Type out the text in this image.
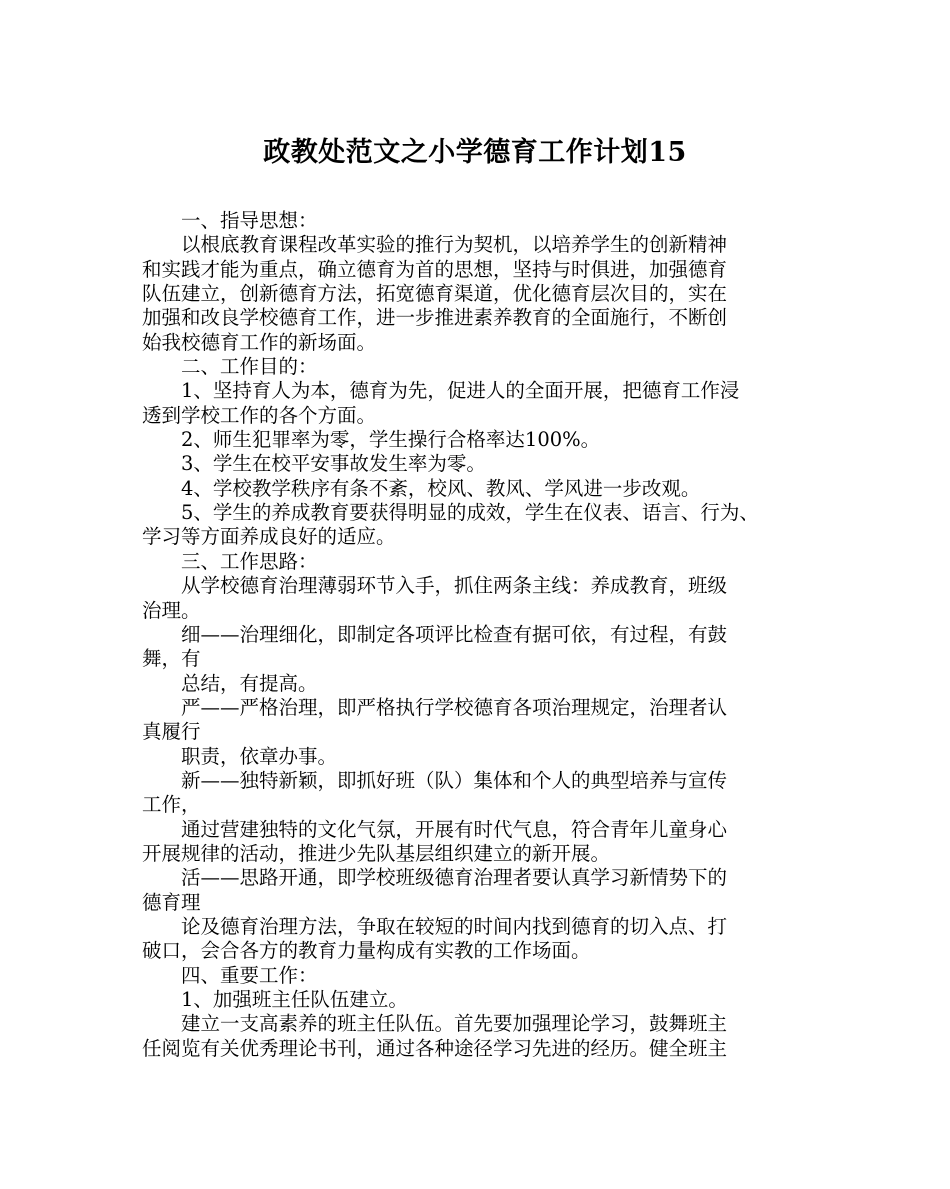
政教处范文之小学德育工作计划15

一、指导思想：

以根底教育课程改革实验的推行为契机，以培养学生的创新精神
和实践才能为重点，确立德育为首的思想，坚持与时俱进，加强德育
队伍建立，创新德育方法，拓宽德育渠道，优化德育层次目的，实在
加强和改良学校德育工作，进一步推进素养教育的全面施行，不断创
始我校德育工作的新场面。

二、工作目的：

1、坚持育人为本，德育为先，促进人的全面开展，把德育工作浸
透到学校工作的各个方面。

2、师生犯罪率为零，学生操行合格率达100%。

3、学生在校平安事故发生率为零。

4、学校教学秩序有条不紊，校风、教风、学风进一步改观。

5、学生的养成教育要获得明显的成效，学生在仪表、语言、行为、
学习等方面养成良好的适应。

三、工作思路：

从学校德育治理薄弱环节入手，抓住两条主线：养成教育，班级
治理。

细——治理细化，即制定各项评比检查有据可依，有过程，有鼓
舞，有

总结，有提高。

严——严格治理，即严格执行学校德育各项治理规定，治理者认
真履行

职责，依章办事。

新——独特新颖，即抓好班（队）集体和个人的典型培养与宣传
工作，

通过营建独特的文化气氛，开展有时代气息，符合青年儿童身心
开展规律的活动，推进少先队基层组织建立的新开展。

活——思路开通，即学校班级德育治理者要认真学习新情势下的
德育理

论及德育治理方法，争取在较短的时间内找到德育的切入点、打
破口，会合各方的教育力量构成有实教的工作场面。

四、重要工作：

1、加强班主任队伍建立。

建立一支高素养的班主任队伍。首先要加强理论学习，鼓舞班主
任阅览有关优秀理论书刊，通过各种途径学习先进的经历。健全班主
